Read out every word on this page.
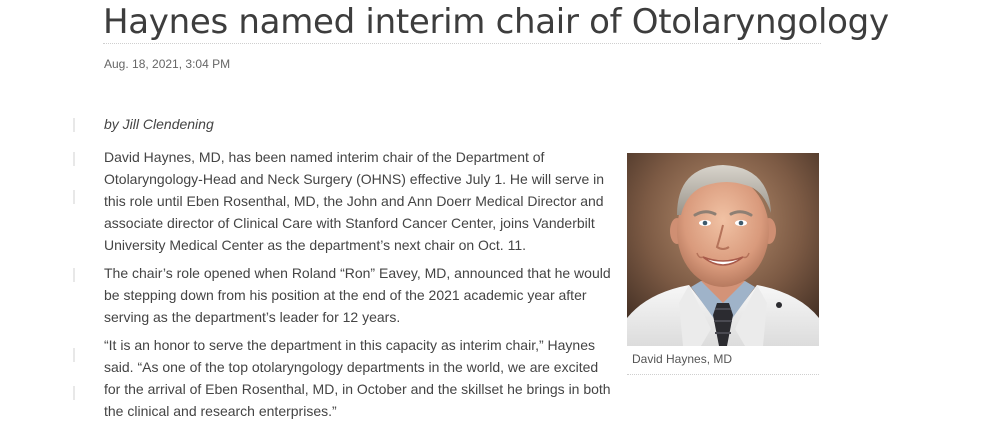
Haynes named interim chair of Otolaryngology
Aug. 18, 2021, 3:04 PM
by Jill Clendening

David Haynes, MD, has been named interim chair of the Department of Otolaryngology-Head and Neck Surgery (OHNS) effective July 1. He will serve in this role until Eben Rosenthal, MD, the John and Ann Doerr Medical Director and associate director of Clinical Care with Stanford Cancer Center, joins Vanderbilt University Medical Center as the department’s next chair on Oct. 11.

The chair’s role opened when Roland “Ron” Eavey, MD, announced that he would be stepping down from his position at the end of the 2021 academic year after serving as the department’s leader for 12 years.

“It is an honor to serve the department in this capacity as interim chair,” Haynes said. “As one of the top otolaryngology departments in the world, we are excited for the arrival of Eben Rosenthal, MD, in October and the skillset he brings in both the clinical and research enterprises.”

David Haynes, MD
